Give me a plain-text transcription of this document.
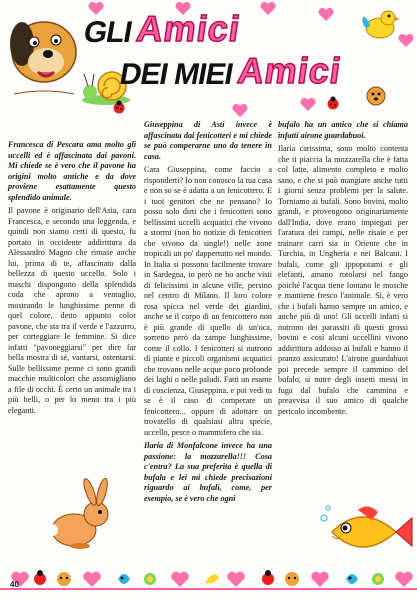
GLI Amici
DEI MIEI Amici

Francesca di Pescara ama molto gli uccelli ed è affascinata dai pavoni. Mi chiede se è vero che il pavone ha origini molto antiche e da dove proviene esattamente questo splendido animale.

Il pavone è originario dell'Asia, cara Francesca, e secondo una leggenda, e quindi non siamo certi di questo, fu portato in occidente addirittura da Alessandro Magno che rimase anche lui, prima di te, affascinato dalla bellezza di questo uccello. Solo i maschi dispongono della splendida coda che aprono a ventaglio, mostrando le lunghissime penne di quel colore, detto appunto color pavone, che sta tra il verde e l'azzurro, per corteggiare le femmine. Si dice infatti "pavoneggiarsi" per dire far bella mostra di sé, vantarsi, ostentarsi. Sulle bellissime penne ci sono grandi macchie multicolori che assomigliano a file di occhi. È certo un animale tra i più belli, o per lo meno tra i più eleganti.

Giuseppina di Asti invece è affascinata dai fenicotteri e mi chiede se può comperarne uno da tenere in casa.

Cara Giuseppina, come faccio a risponderti? Io non conosco la tua casa e non so se è adatta a un fenicottero. E i tuoi genitori che ne pensano? Io posso solo dirti che i fenicotteri sono bellissimi uccelli acquatici che vivono a stormi (non ho notizie di fenicotteri che vivono da single!) nelle zone tropicali un po' dappertutto nel mondo. In Italia si possono facilmente trovare in Sardegna, io però ne ho anche visti di felicissimi in alcune ville, persino nel centro di Milano. Il loro colore rosa spicca nel verde dei giardini, anche se il corpo di un fenicottero non è più grande di quello di un'oca, sorretto però da zampe lunghissime, come il collo. I fenicotteri si nutrono di piante e piccoli organismi acquatici che trovano nelle acque poco profonde dei laghi o nelle paludi. Fatti un esame di coscienza, Giuseppina, e poi vedi tu se è il caso di comperare un fenicottero... oppure di adottare un trovatello di qualsiasi altra specie, uccello, pesce o mammifero che sia.

Ilaria di Monfalcone invece ha una passione: la mozzarella!!! Cosa c'entra? La sua preferita è quella di bufala e lei mi chiede precisazioni riguardo ai bufali, come, per esempio, se è vero che ogni

bufalo ha un amico che si chiama infatti airone guardabuoi.

Ilaria carissima, sono molto contenta che ti piaccia la mozzarella che è fatta col latte, alimento completo e molto sano, e che si può mangiare anche tutti i giorni senza problemi per la salute. Torniamo ai bufali. Sono bovini, molto grandi, e provengono originariamente dall'India, dove erano impiegati per l'aratura dei campi, nelle risaie e per trainare carri sia in Oriente che in Turchia, in Ungheria e nei Balcani. I bufali, come gli ippopotami e gli elefanti, amano rotolarsi nel fango poiché l'acqua tiene lontano le mosche e mantiene fresco l'animale. Sì, è vero che i bufali hanno sempre un amico, e anche più di uno! Gli uccelli infatti si nutrono dei parassiti di questi grossi bovini e così alcuni uccellini vivono addirittura addosso ai bufali e hanno il pranzo assicurato! L'airone guardabuoi poi precede sempre il cammino del bufalo, si nutre degli insetti messi in fuga dal bufalo che cammina e preavvisa il suo amico di qualche pericolo incombente.

40
